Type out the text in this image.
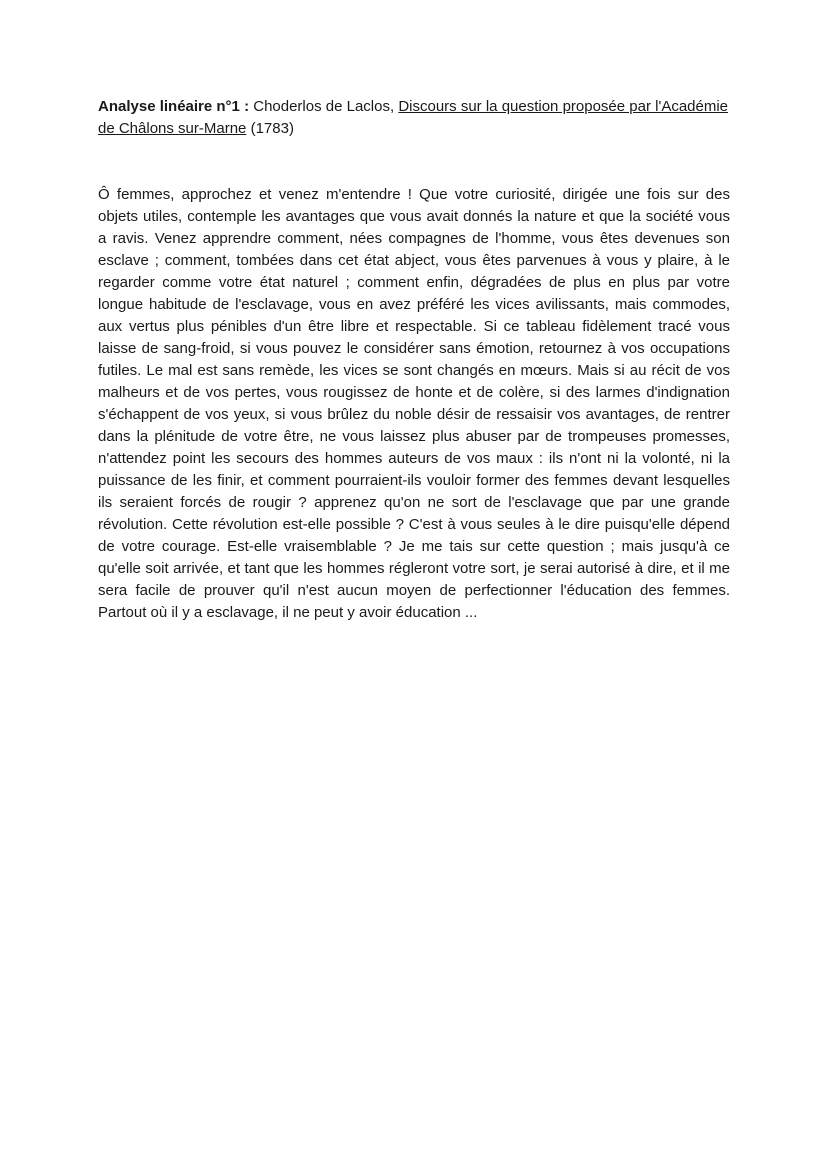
Analyse linéaire n°1 : Choderlos de Laclos, Discours sur la question proposée par l'Académie de Châlons sur-Marne (1783)

Ô femmes, approchez et venez m'entendre ! Que votre curiosité, dirigée une fois sur des objets utiles, contemple les avantages que vous avait donnés la nature et que la société vous a ravis. Venez apprendre comment, nées compagnes de l'homme, vous êtes devenues son esclave ; comment, tombées dans cet état abject, vous êtes parvenues à vous y plaire, à le regarder comme votre état naturel ; comment enfin, dégradées de plus en plus par votre longue habitude de l'esclavage, vous en avez préféré les vices avilissants, mais commodes, aux vertus plus pénibles d'un être libre et respectable. Si ce tableau fidèlement tracé vous laisse de sang-froid, si vous pouvez le considérer sans émotion, retournez à vos occupations futiles. Le mal est sans remède, les vices se sont changés en mœurs. Mais si au récit de vos malheurs et de vos pertes, vous rougissez de honte et de colère, si des larmes d'indignation s'échappent de vos yeux, si vous brûlez du noble désir de ressaisir vos avantages, de rentrer dans la plénitude de votre être, ne vous laissez plus abuser par de trompeuses promesses, n'attendez point les secours des hommes auteurs de vos maux : ils n'ont ni la volonté, ni la puissance de les finir, et comment pourraient-ils vouloir former des femmes devant lesquelles ils seraient forcés de rougir ? apprenez qu'on ne sort de l'esclavage que par une grande révolution. Cette révolution est-elle possible ? C'est à vous seules à le dire puisqu'elle dépend de votre courage. Est-elle vraisemblable ? Je me tais sur cette question ; mais jusqu'à ce qu'elle soit arrivée, et tant que les hommes régleront votre sort, je serai autorisé à dire, et il me sera facile de prouver qu'il n'est aucun moyen de perfectionner l'éducation des femmes. Partout où il y a esclavage, il ne peut y avoir éducation ...
